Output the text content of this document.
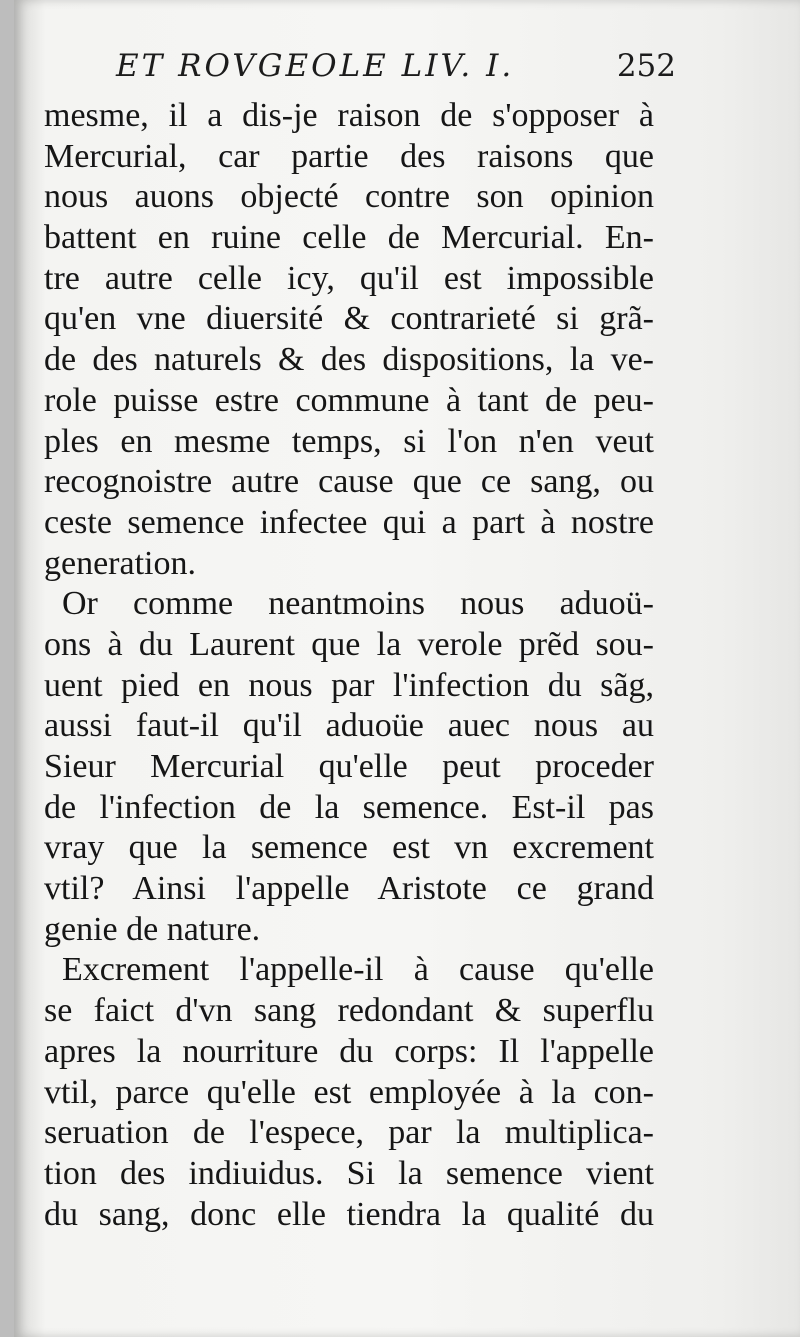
ET ROVGEOLE LIV. I.	252
mesme, il a dis-je raison de s'opposer à
Mercurial, car partie des raisons que
nous auons objecté contre son opinion
battent en ruine celle de Mercurial. En-
tre autre celle icy, qu'il est impossible
qu'en vne diuersité & contrarieté si grã-
de des naturels & des dispositions, la ve-
role puisse estre commune à tant de peu-
ples en mesme temps, si l'on n'en veut
recognoistre autre cause que ce sang, ou
ceste semence infectee qui a part à nostre
generation.
Or comme neantmoins nous aduoü-
ons à du Laurent que la verole prẽd sou-
uent pied en nous par l'infection du sãg,
aussi faut-il qu'il aduoüe auec nous au
Sieur Mercurial qu'elle peut proceder
de l'infection de la semence. Est-il pas
vray que la semence est vn excrement
vtil? Ainsi l'appelle Aristote ce grand
genie de nature.
Excrement l'appelle-il à cause qu'elle
se faict d'vn sang redondant & superflu
apres la nourriture du corps: Il l'appelle
vtil, parce qu'elle est employée à la con-
seruation de l'espece, par la multiplica-
tion des indiuidus. Si la semence vient
du sang, donc elle tiendra la qualité du
